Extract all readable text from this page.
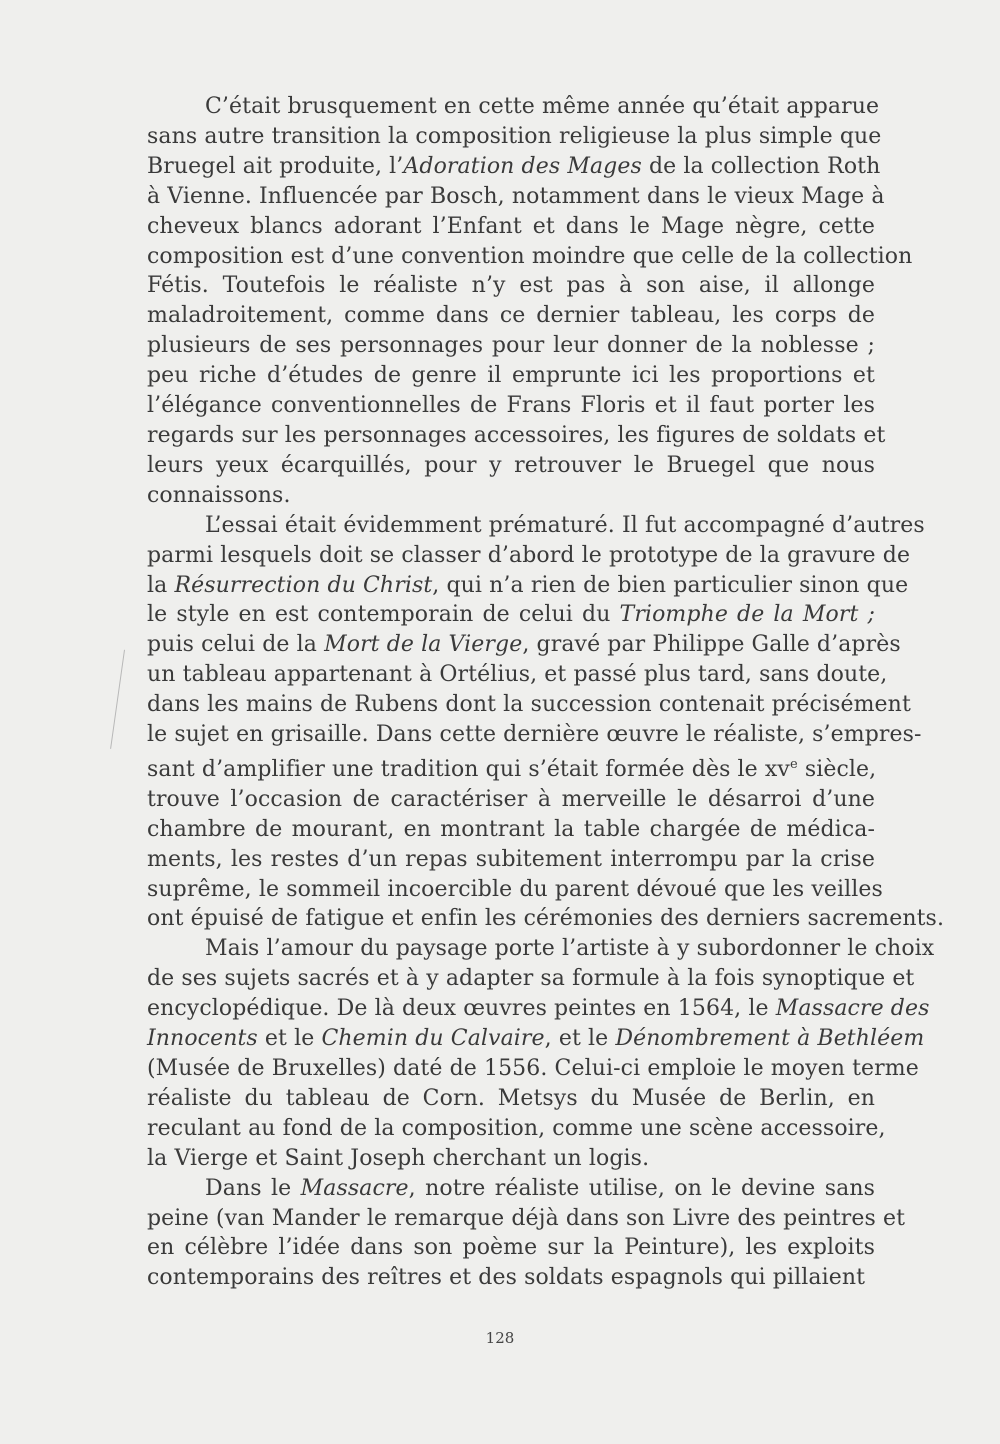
C’était brusquement en cette même année qu’était apparue
sans autre transition la composition religieuse la plus simple que
Bruegel ait produite, l’Adoration des Mages de la collection Roth
à Vienne. Influencée par Bosch, notamment dans le vieux Mage à
cheveux blancs adorant l’Enfant et dans le Mage nègre, cette
composition est d’une convention moindre que celle de la collection
Fétis. Toutefois le réaliste n’y est pas à son aise, il allonge
maladroitement, comme dans ce dernier tableau, les corps de
plusieurs de ses personnages pour leur donner de la noblesse ;
peu riche d’études de genre il emprunte ici les proportions et
l’élégance conventionnelles de Frans Floris et il faut porter les
regards sur les personnages accessoires, les figures de soldats et
leurs yeux écarquillés, pour y retrouver le Bruegel que nous
connaissons.
L’essai était évidemment prématuré. Il fut accompagné d’autres
parmi lesquels doit se classer d’abord le prototype de la gravure de
la Résurrection du Christ, qui n’a rien de bien particulier sinon que
le style en est contemporain de celui du Triomphe de la Mort ;
puis celui de la Mort de la Vierge, gravé par Philippe Galle d’après
un tableau appartenant à Ortélius, et passé plus tard, sans doute,
dans les mains de Rubens dont la succession contenait précisément
le sujet en grisaille. Dans cette dernière œuvre le réaliste, s’empres-
sant d’amplifier une tradition qui s’était formée dès le $xv^e$ siècle,
trouve l’occasion de caractériser à merveille le désarroi d’une
chambre de mourant, en montrant la table chargée de médica-
ments, les restes d’un repas subitement interrompu par la crise
suprême, le sommeil incoercible du parent dévoué que les veilles
ont épuisé de fatigue et enfin les cérémonies des derniers sacrements.
Mais l’amour du paysage porte l’artiste à y subordonner le choix
de ses sujets sacrés et à y adapter sa formule à la fois synoptique et
encyclopédique. De là deux œuvres peintes en 1564, le Massacre des
Innocents et le Chemin du Calvaire, et le Dénombrement à Bethléem
(Musée de Bruxelles) daté de 1556. Celui-ci emploie le moyen terme
réaliste du tableau de Corn. Metsys du Musée de Berlin, en
reculant au fond de la composition, comme une scène accessoire,
la Vierge et Saint Joseph cherchant un logis.
Dans le Massacre, notre réaliste utilise, on le devine sans
peine (van Mander le remarque déjà dans son Livre des peintres et
en célèbre l’idée dans son poème sur la Peinture), les exploits
contemporains des reîtres et des soldats espagnols qui pillaient
128
